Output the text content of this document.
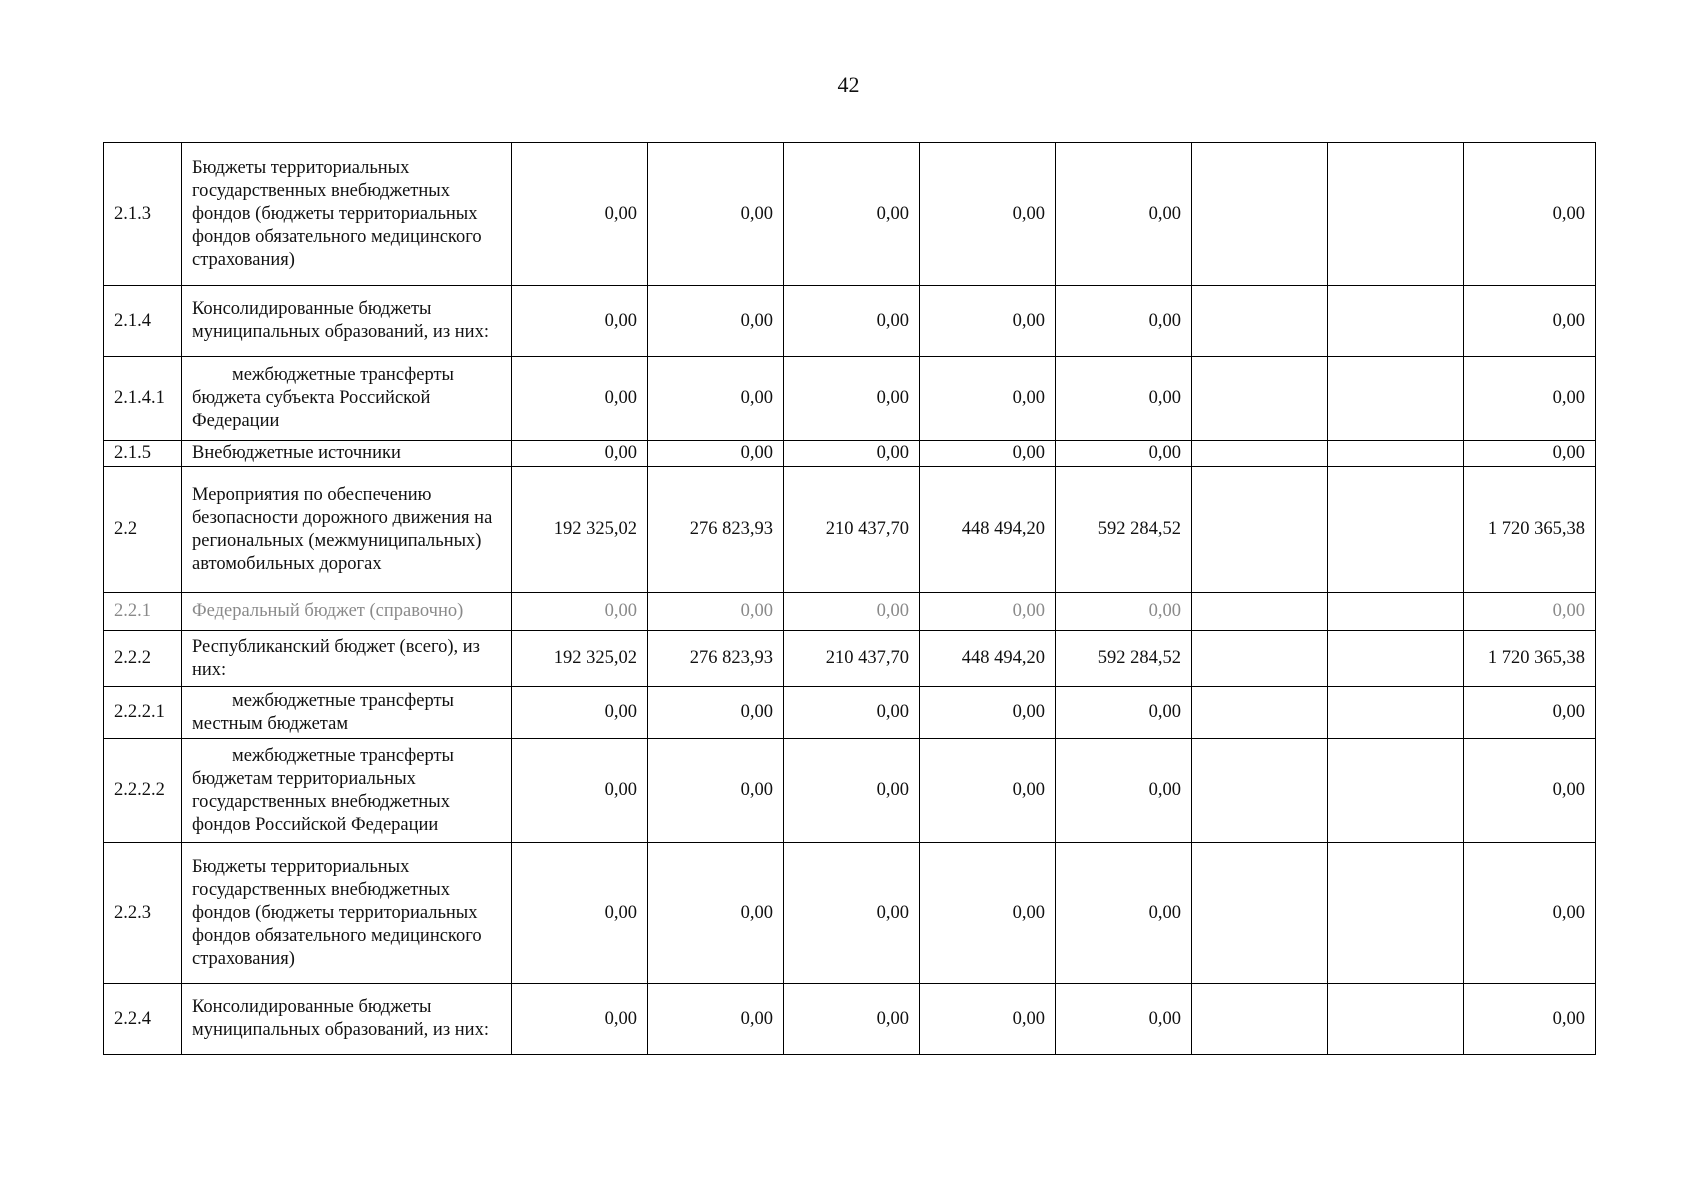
42
2.1.3	Бюджеты территориальных государственных внебюджетных фондов (бюджеты территориальных фондов обязательного медицинского страхования)	0,00	0,00	0,00	0,00	0,00			0,00
2.1.4	Консолидированные бюджеты муниципальных образований, из них:	0,00	0,00	0,00	0,00	0,00			0,00
2.1.4.1	межбюджетные трансферты бюджета субъекта Российской Федерации	0,00	0,00	0,00	0,00	0,00			0,00
2.1.5	Внебюджетные источники	0,00	0,00	0,00	0,00	0,00			0,00
2.2	Мероприятия по обеспечению безопасности дорожного движения на региональных (межмуниципальных) автомобильных дорогах	192 325,02	276 823,93	210 437,70	448 494,20	592 284,52			1 720 365,38
2.2.1	Федеральный бюджет (справочно)	0,00	0,00	0,00	0,00	0,00			0,00
2.2.2	Республиканский бюджет (всего), из них:	192 325,02	276 823,93	210 437,70	448 494,20	592 284,52			1 720 365,38
2.2.2.1	межбюджетные трансферты местным бюджетам	0,00	0,00	0,00	0,00	0,00			0,00
2.2.2.2	межбюджетные трансферты бюджетам территориальных государственных внебюджетных фондов Российской Федерации	0,00	0,00	0,00	0,00	0,00			0,00
2.2.3	Бюджеты территориальных государственных внебюджетных фондов (бюджеты территориальных фондов обязательного медицинского страхования)	0,00	0,00	0,00	0,00	0,00			0,00
2.2.4	Консолидированные бюджеты муниципальных образований, из них:	0,00	0,00	0,00	0,00	0,00			0,00
